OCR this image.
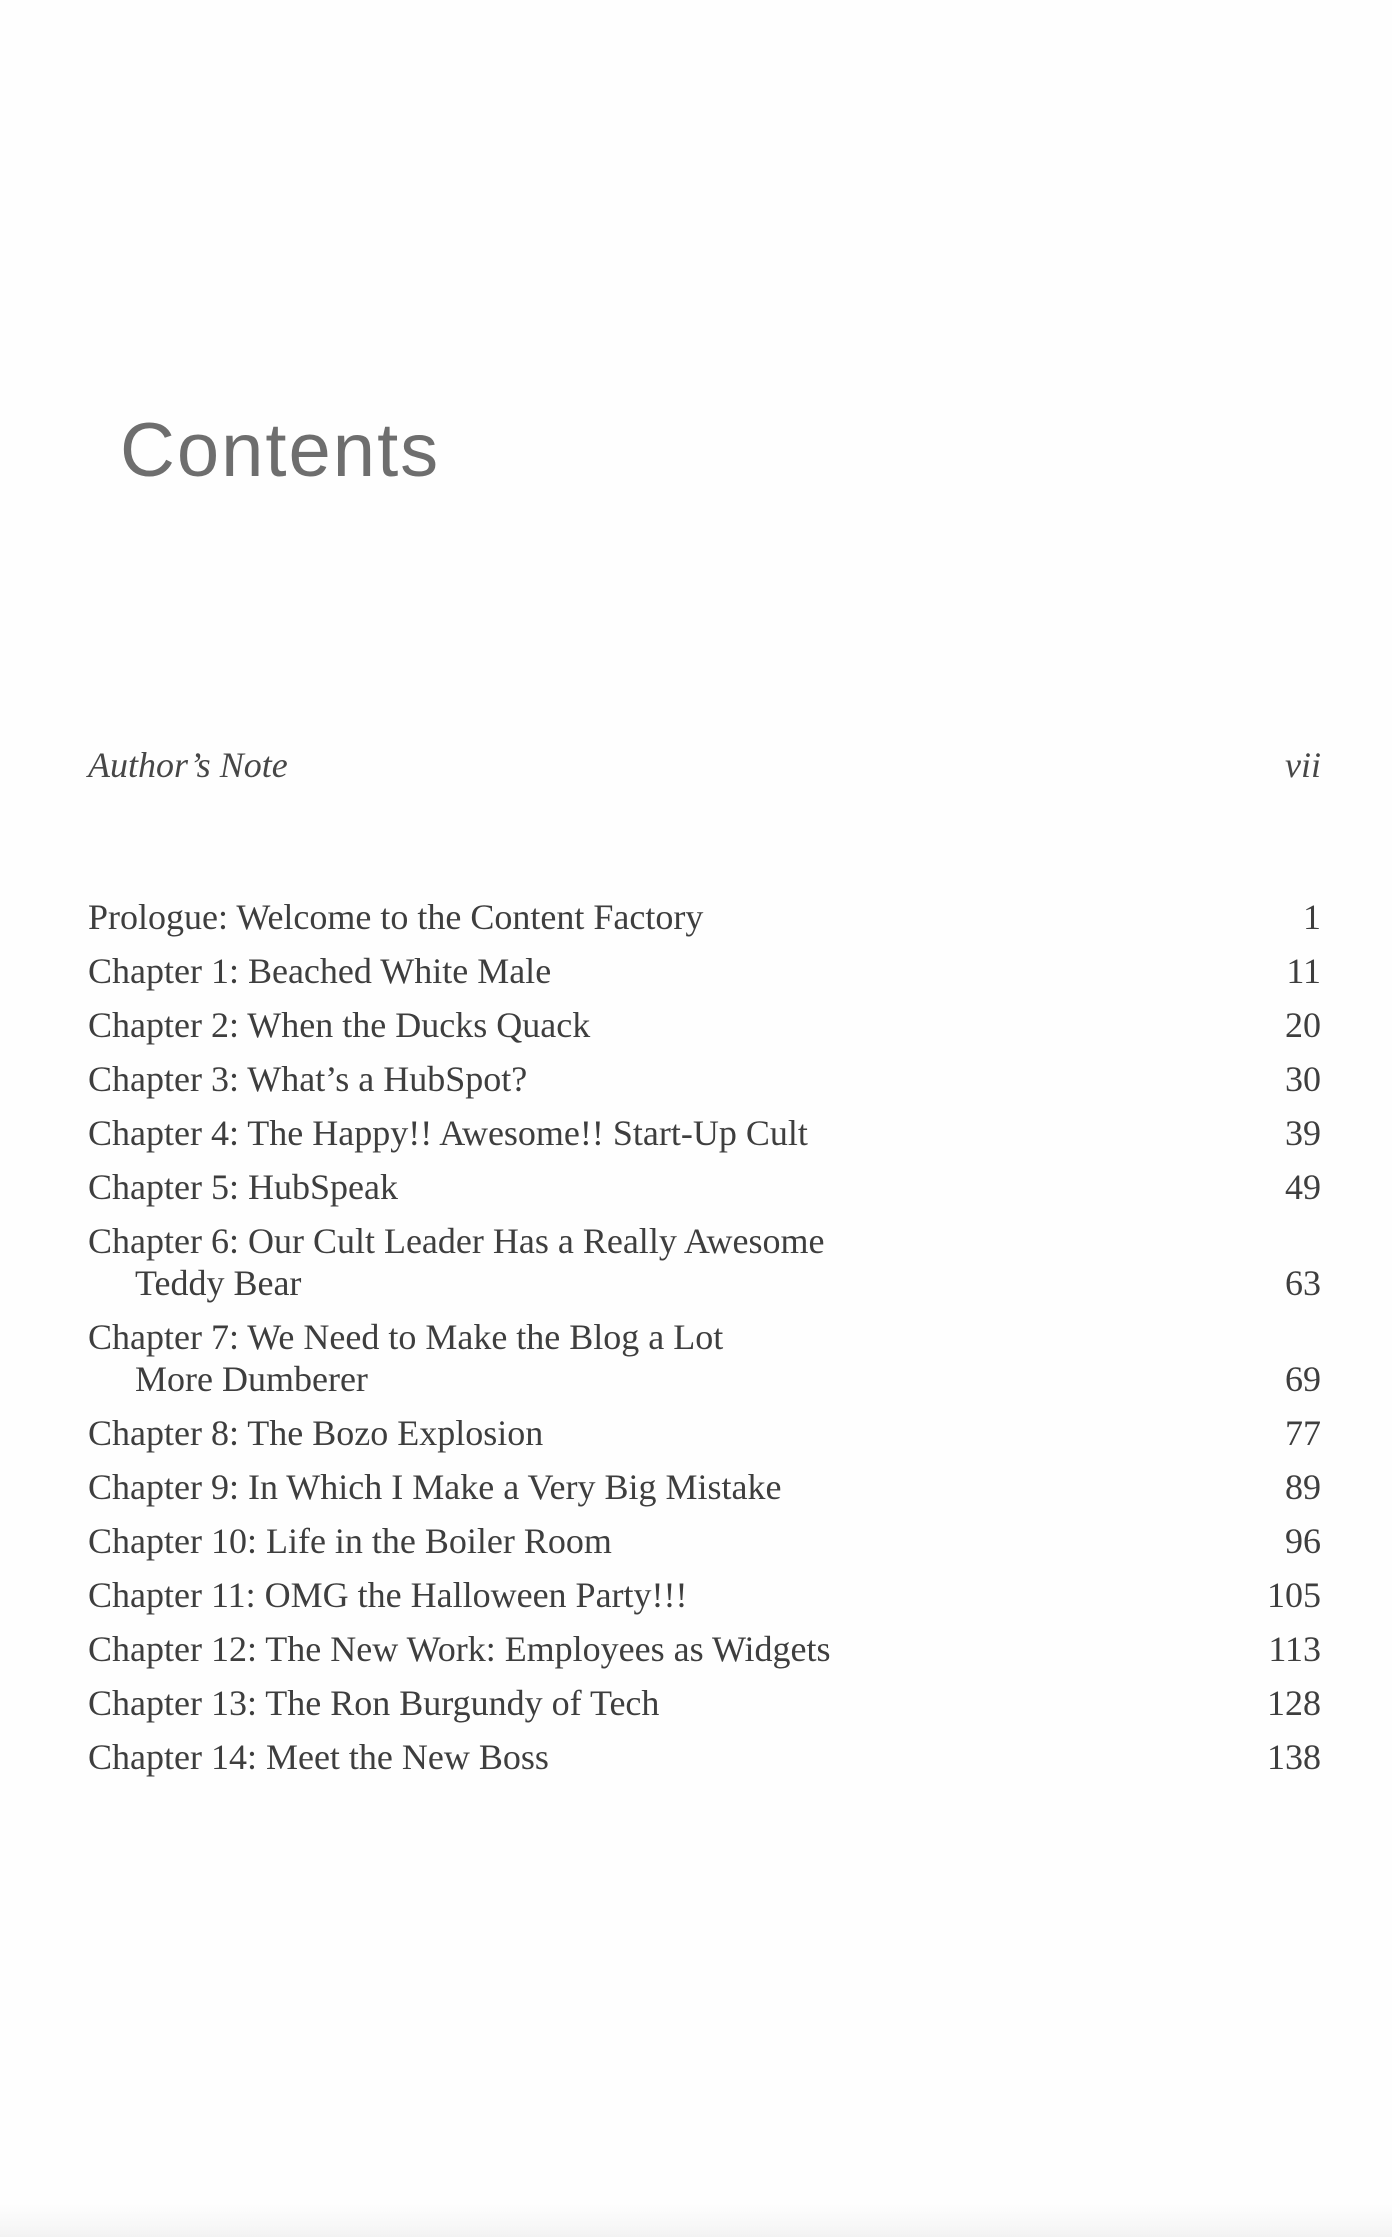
Contents
Author’s Note	vii
Prologue: Welcome to the Content Factory	1
Chapter 1: Beached White Male	11
Chapter 2: When the Ducks Quack	20
Chapter 3: What’s a HubSpot?	30
Chapter 4: The Happy!! Awesome!! Start-Up Cult	39
Chapter 5: HubSpeak	49
Chapter 6: Our Cult Leader Has a Really Awesome
Teddy Bear	63
Chapter 7: We Need to Make the Blog a Lot
More Dumberer	69
Chapter 8: The Bozo Explosion	77
Chapter 9: In Which I Make a Very Big Mistake	89
Chapter 10: Life in the Boiler Room	96
Chapter 11: OMG the Halloween Party!!!	105
Chapter 12: The New Work: Employees as Widgets	113
Chapter 13: The Ron Burgundy of Tech	128
Chapter 14: Meet the New Boss	138
